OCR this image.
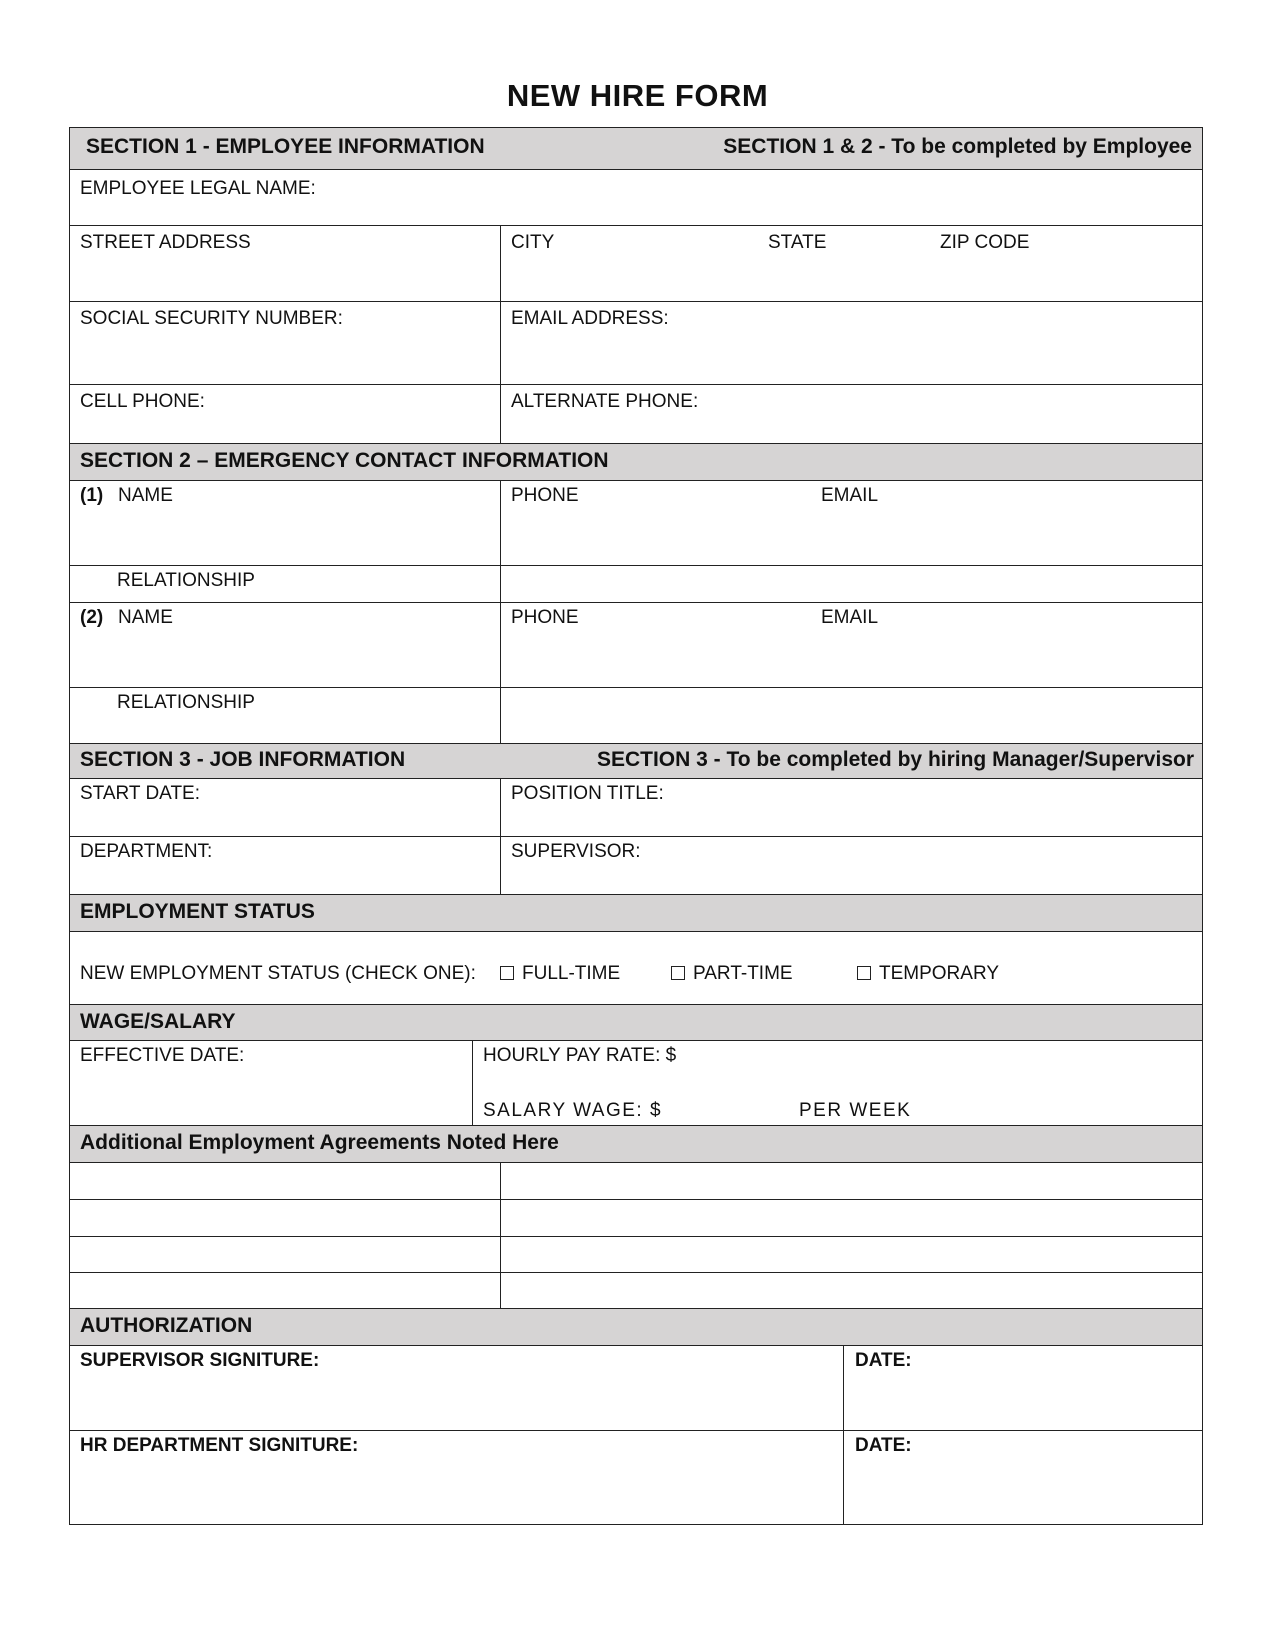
NEW HIRE FORM
SECTION 1 - EMPLOYEE INFORMATION	SECTION 1 & 2 - To be completed by Employee
EMPLOYEE LEGAL NAME:
STREET ADDRESS	CITY	STATE	ZIP CODE
SOCIAL SECURITY NUMBER:	EMAIL ADDRESS:
CELL PHONE:	ALTERNATE PHONE:
SECTION 2 – EMERGENCY CONTACT INFORMATION
(1) NAME	PHONE	EMAIL
RELATIONSHIP
(2) NAME	PHONE	EMAIL
RELATIONSHIP
SECTION 3 - JOB INFORMATION	SECTION 3 - To be completed by hiring Manager/Supervisor
START DATE:	POSITION TITLE:
DEPARTMENT:	SUPERVISOR:
EMPLOYMENT STATUS
NEW EMPLOYMENT STATUS (CHECK ONE):	FULL-TIME	PART-TIME	TEMPORARY
WAGE/SALARY
EFFECTIVE DATE:	HOURLY PAY RATE: $
SALARY WAGE: $	PER WEEK
Additional Employment Agreements Noted Here
AUTHORIZATION
SUPERVISOR SIGNITURE:	DATE:
HR DEPARTMENT SIGNITURE:	DATE:
